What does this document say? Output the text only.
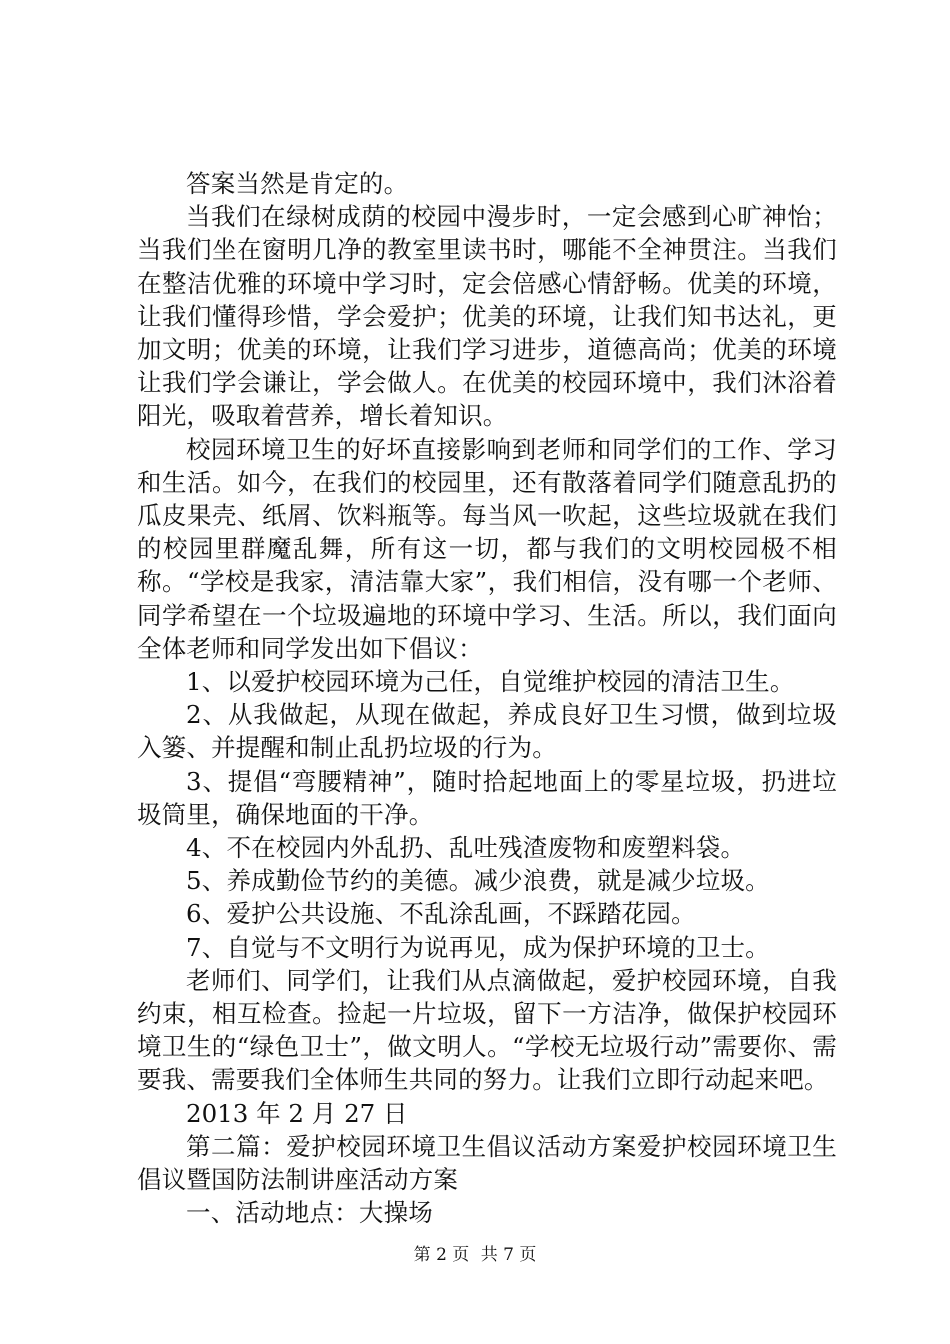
答案当然是肯定的。

当我们在绿树成荫的校园中漫步时，一定会感到心旷神怡；当我们坐在窗明几净的教室里读书时，哪能不全神贯注。当我们在整洁优雅的环境中学习时，定会倍感心情舒畅。优美的环境，让我们懂得珍惜，学会爱护；优美的环境，让我们知书达礼，更加文明；优美的环境，让我们学习进步，道德高尚；优美的环境让我们学会谦让，学会做人。在优美的校园环境中，我们沐浴着阳光，吸取着营养，增长着知识。

校园环境卫生的好坏直接影响到老师和同学们的工作、学习和生活。如今，在我们的校园里，还有散落着同学们随意乱扔的瓜皮果壳、纸屑、饮料瓶等。每当风一吹起，这些垃圾就在我们的校园里群魔乱舞，所有这一切，都与我们的文明校园极不相称。“学校是我家，清洁靠大家”，我们相信，没有哪一个老师、同学希望在一个垃圾遍地的环境中学习、生活。所以，我们面向全体老师和同学发出如下倡议：

1、以爱护校园环境为己任，自觉维护校园的清洁卫生。

2、从我做起，从现在做起，养成良好卫生习惯，做到垃圾入篓、并提醒和制止乱扔垃圾的行为。

3、提倡“弯腰精神”，随时拾起地面上的零星垃圾，扔进垃圾筒里，确保地面的干净。

4、不在校园内外乱扔、乱吐残渣废物和废塑料袋。

5、养成勤俭节约的美德。减少浪费，就是减少垃圾。

6、爱护公共设施、不乱涂乱画，不踩踏花园。

7、自觉与不文明行为说再见，成为保护环境的卫士。

老师们、同学们，让我们从点滴做起，爱护校园环境，自我约束，相互检查。捡起一片垃圾，留下一方洁净，做保护校园环境卫生的“绿色卫士”，做文明人。“学校无垃圾行动”需要你、需要我、需要我们全体师生共同的努力。让我们立即行动起来吧。

2013 年 2 月 27 日

第二篇：爱护校园环境卫生倡议活动方案爱护校园环境卫生倡议暨国防法制讲座活动方案

一、活动地点：大操场

第 2 页 共 7 页
